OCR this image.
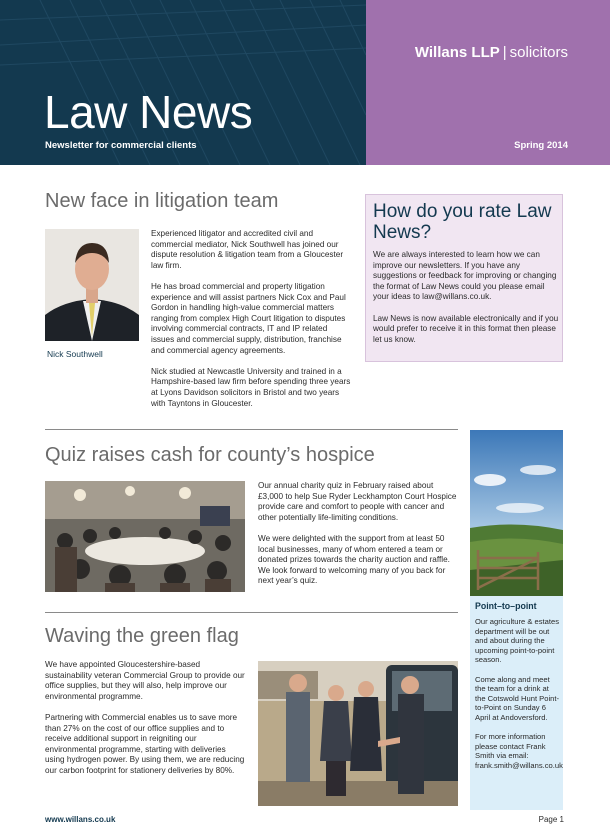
Law News
Newsletter for commercial clients
Willans LLP | solicitors
Spring 2014
New face in litigation team
Nick Southwell

Experienced litigator and accredited civil and commercial mediator, Nick Southwell has joined our dispute resolution & litigation team from a Gloucester law firm.

He has broad commercial and property litigation experience and will assist partners Nick Cox and Paul Gordon in handling high-value commercial matters ranging from complex High Court litigation to disputes involving commercial contracts, IT and IP related issues and commercial supply, distribution, franchise and commercial agency agreements.

Nick studied at Newcastle University and trained in a Hampshire-based law firm before spending three years at Lyons Davidson solicitors in Bristol and two years with Tayntons in Gloucester.

How do you rate Law News?

We are always interested to learn how we can improve our newsletters. If you have any suggestions or feedback for improving or changing the format of Law News could you please email your ideas to law@willans.co.uk.

Law News is now available electronically and if you would prefer to receive it in this format then please let us know.

Quiz raises cash for county’s hospice

Our annual charity quiz in February raised about £3,000 to help Sue Ryder Leckhampton Court Hospice provide care and comfort to people with cancer and other potentially life-limiting conditions.

We were delighted with the support from at least 50 local businesses, many of whom entered a team or donated prizes towards the charity auction and raffle. We look forward to welcoming many of you back for next year’s quiz.

Waving the green flag

We have appointed Gloucestershire-based sustainability veteran Commercial Group to provide our office supplies, but they will also, help improve our environmental programme.

Partnering with Commercial enables us to save more than 27% on the cost of our office supplies and to receive additional support in reigniting our environmental programme, starting with deliveries using hydrogen power. By using them, we are reducing our carbon footprint for stationery deliveries by 80%.

Point–to–point

Our agriculture & estates department will be out and about during the upcoming point-to-point season.

Come along and meet the team for a drink at the Cotswold Hunt Point-to-Point on Sunday 6 April at Andoversford.

For more information please contact Frank Smith via email: frank.smith@willans.co.uk

www.willans.co.uk	Page 1
